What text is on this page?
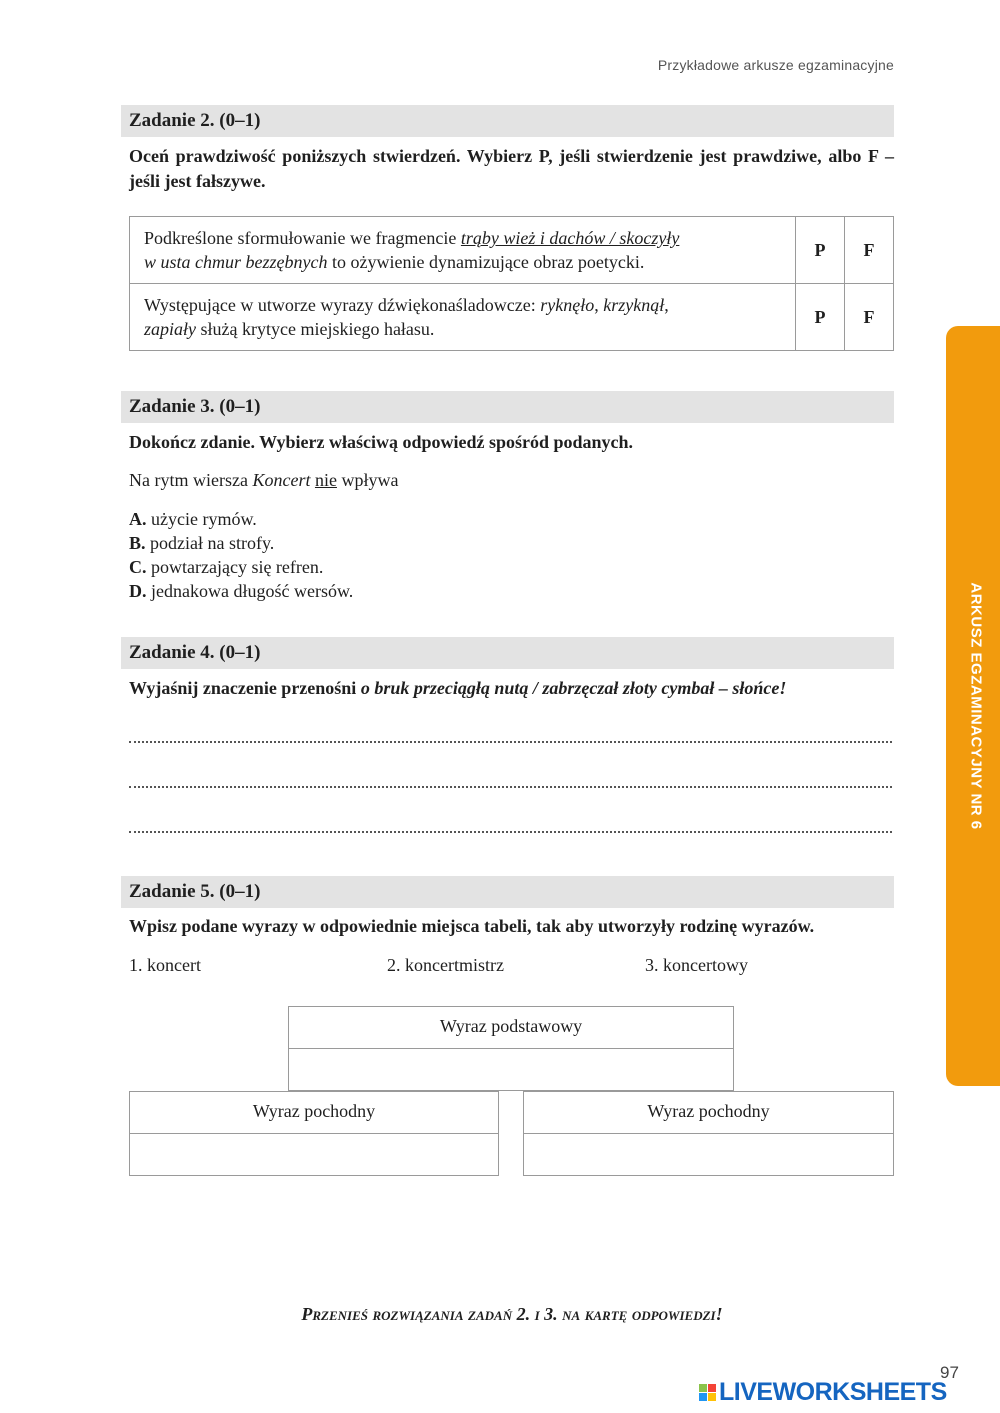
Przykładowe arkusze egzaminacyjne
Zadanie 2. (0–1)
Oceń prawdziwość poniższych stwierdzeń. Wybierz P, jeśli stwierdzenie jest prawdziwe, albo F – jeśli jest fałszywe.
Podkreślone sformułowanie we fragmencie trąby wież i dachów / skoczyły
w usta chmur bezzębnych to ożywienie dynamizujące obraz poetycki.	P	F
Występujące w utworze wyrazy dźwiękonaśladowcze: ryknęło, krzyknął,
zapiały służą krytyce miejskiego hałasu.	P	F
Zadanie 3. (0–1)
Dokończ zdanie. Wybierz właściwą odpowiedź spośród podanych.
Na rytm wiersza Koncert nie wpływa
A. użycie rymów.
B. podział na strofy.
C. powtarzający się refren.
D. jednakowa długość wersów.
Zadanie 4. (0–1)
Wyjaśnij znaczenie przenośni o bruk przeciągłą nutą / zabrzęczał złoty cymbał – słońce!
Zadanie 5. (0–1)
Wpisz podane wyrazy w odpowiednie miejsca tabeli, tak aby utworzyły rodzinę wyrazów.
1. koncert	2. koncertmistrz	3. koncertowy
Wyraz podstawowy
Wyraz pochodny	Wyraz pochodny
ARKUSZ EGZAMINACYJNY NR 6
Przenieś rozwiązania zadań 2. i 3. na kartę odpowiedzi!
97
LIVEWORKSHEETS
